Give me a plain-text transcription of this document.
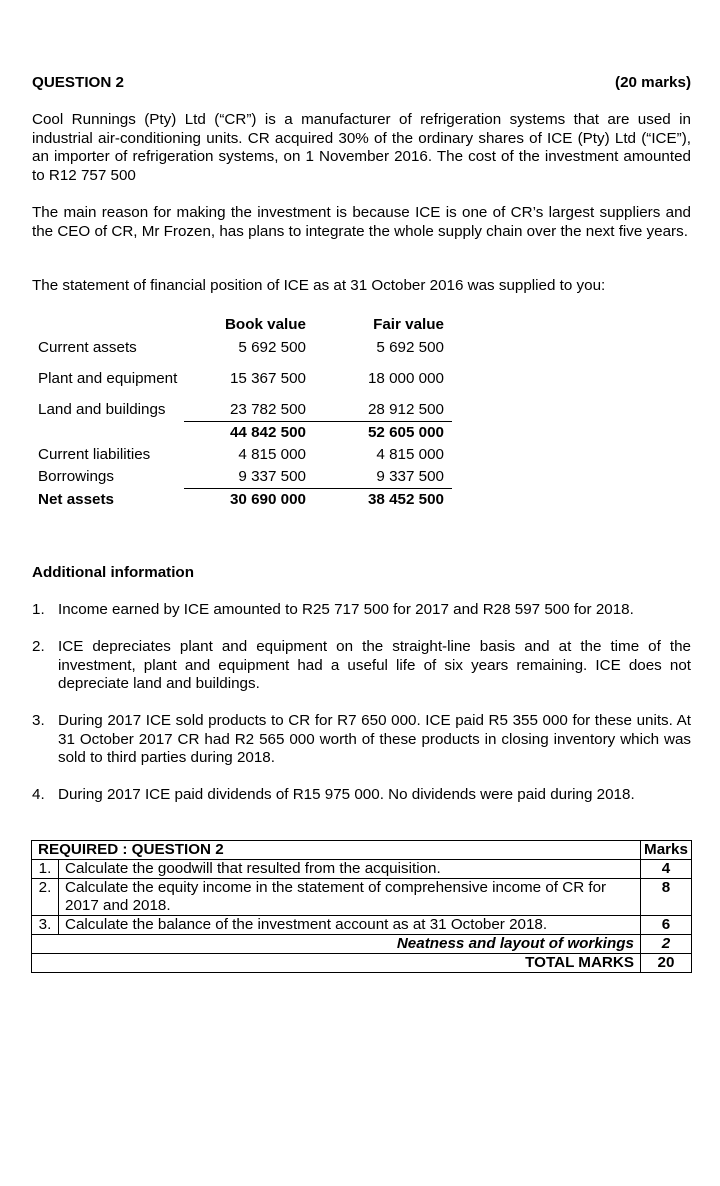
QUESTION 2	(20 marks)

Cool Runnings (Pty) Ltd (“CR”) is a manufacturer of refrigeration systems that are used in industrial air-conditioning units. CR acquired 30% of the ordinary shares of ICE (Pty) Ltd (“ICE”), an importer of refrigeration systems, on 1 November 2016. The cost of the investment amounted to R12 757 500

The main reason for making the investment is because ICE is one of CR’s largest suppliers and the CEO of CR, Mr Frozen, has plans to integrate the whole supply chain over the next five years.

The statement of financial position of ICE as at 31 October 2016 was supplied to you:

	Book value	Fair value
Current assets	5 692 500	5 692 500
Plant and equipment	15 367 500	18 000 000
Land and buildings	23 782 500	28 912 500
	44 842 500	52 605 000
Current liabilities	4 815 000	4 815 000
Borrowings	9 337 500	9 337 500
Net assets	30 690 000	38 452 500
Additional information
1. Income earned by ICE amounted to R25 717 500 for 2017 and R28 597 500 for 2018.
2. ICE depreciates plant and equipment on the straight-line basis and at the time of the investment, plant and equipment had a useful life of six years remaining. ICE does not depreciate land and buildings.
3. During 2017 ICE sold products to CR for R7 650 000. ICE paid R5 355 000 for these units. At 31 October 2017 CR had R2 565 000 worth of these products in closing inventory which was sold to third parties during 2018.
4. During 2017 ICE paid dividends of R15 975 000. No dividends were paid during 2018.
REQUIRED : QUESTION 2		Marks
1.	Calculate the goodwill that resulted from the acquisition.	4
2.	Calculate the equity income in the statement of comprehensive income of CR for 2017 and 2018.	8
3.	Calculate the balance of the investment account as at 31 October 2018.	6
Neatness and layout of workings		2
TOTAL MARKS		20
